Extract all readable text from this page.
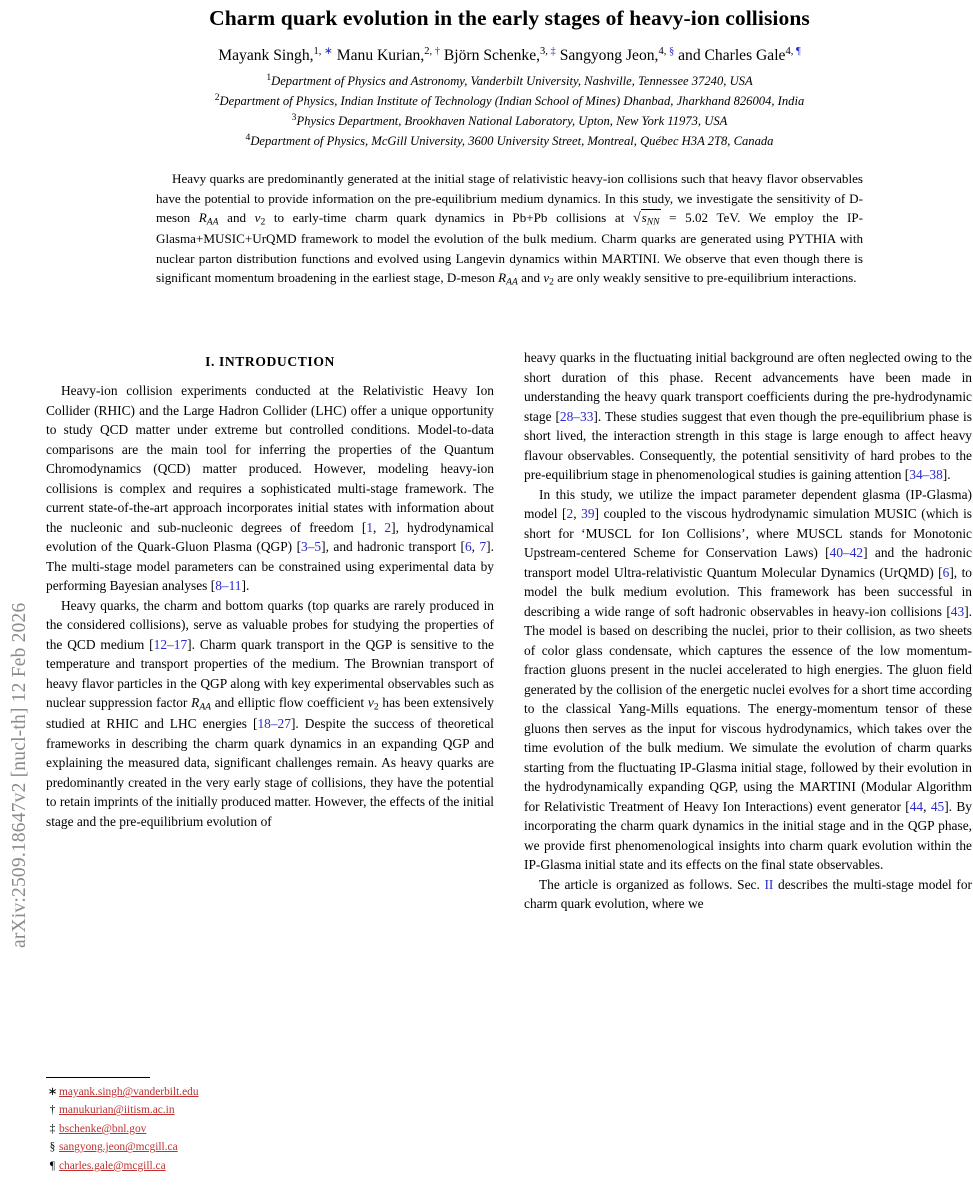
arXiv:2509.18647v2 [nucl-th] 12 Feb 2026
Charm quark evolution in the early stages of heavy-ion collisions
Mayank Singh,$^{1,}$ ∗ Manu Kurian,$^{2,}$ † Björn Schenke,$^{3,}$ ‡ Sangyong Jeon,$^{4,}$ § and Charles Gale$^{4,}$ ¶
$^1$Department of Physics and Astronomy, Vanderbilt University, Nashville, Tennessee 37240, USA
$^2$Department of Physics, Indian Institute of Technology (Indian School of Mines) Dhanbad, Jharkhand 826004, India
$^3$Physics Department, Brookhaven National Laboratory, Upton, New York 11973, USA
$^4$Department of Physics, McGill University, 3600 University Street, Montreal, Québec H3A 2T8, Canada
Heavy quarks are predominantly generated at the initial stage of relativistic heavy-ion collisions such that heavy flavor observables have the potential to provide information on the pre-equilibrium medium dynamics. In this study, we investigate the sensitivity of D-meson $R_{AA}$ and v2 to early-time charm quark dynamics in Pb+Pb collisions at $√s_{NN} = 5.02$ TeV. We employ the IP-Glasma+MUSIC+UrQMD framework to model the evolution of the bulk medium. Charm quarks are generated using PYTHIA with nuclear parton distribution functions and evolved using Langevin dynamics within MARTINI. We observe that even though there is significant momentum broadening in the earliest stage, D-meson $R_{AA}$ and v2 are only weakly sensitive to pre-equilibrium interactions.
I. INTRODUCTION

Heavy-ion collision experiments conducted at the Relativistic Heavy Ion Collider (RHIC) and the Large Hadron Collider (LHC) offer a unique opportunity to study QCD matter under extreme but controlled conditions. Model-to-data comparisons are the main tool for inferring the properties of the Quantum Chromodynamics (QCD) matter produced. However, modeling heavy-ion collisions is complex and requires a sophisticated multi-stage framework. The current state-of-the-art approach incorporates initial states with information about the nucleonic and sub-nucleonic degrees of freedom [1, 2], hydrodynamical evolution of the Quark-Gluon Plasma (QGP) [3–5], and hadronic transport [6, 7]. The multi-stage model parameters can be constrained using experimental data by performing Bayesian analyses [8–11].

Heavy quarks, the charm and bottom quarks (top quarks are rarely produced in the considered collisions), serve as valuable probes for studying the properties of the QCD medium [12–17]. Charm quark transport in the QGP is sensitive to the temperature and transport properties of the medium. The Brownian transport of heavy flavor particles in the QGP along with key experimental observables such as nuclear suppression factor $R_{AA}$ and elliptic flow coefficient v2 has been extensively studied at RHIC and LHC energies [18–27]. Despite the success of theoretical frameworks in describing the charm quark dynamics in an expanding QGP and explaining the measured data, significant challenges remain. As heavy quarks are predominantly created in the very early stage of collisions, they have the potential to retain imprints of the initially produced matter. However, the effects of the initial stage and the pre-equilibrium evolution of

heavy quarks in the fluctuating initial background are often neglected owing to the short duration of this phase. Recent advancements have been made in understanding the heavy quark transport coefficients during the pre-hydrodynamic stage [28–33]. These studies suggest that even though the pre-equilibrium phase is short lived, the interaction strength in this stage is large enough to affect heavy flavour observables. Consequently, the potential sensitivity of hard probes to the pre-equilibrium stage in phenomenological studies is gaining attention [34–38].

In this study, we utilize the impact parameter dependent glasma (IP-Glasma) model [2, 39] coupled to the viscous hydrodynamic simulation MUSIC (which is short for ‘MUSCL for Ion Collisions’, where MUSCL stands for Monotonic Upstream-centered Scheme for Conservation Laws) [40–42] and the hadronic transport model Ultra-relativistic Quantum Molecular Dynamics (UrQMD) [6], to model the bulk medium evolution. This framework has been successful in describing a wide range of soft hadronic observables in heavy-ion collisions [43]. The model is based on describing the nuclei, prior to their collision, as two sheets of color glass condensate, which captures the essence of the low momentum-fraction gluons present in the nuclei accelerated to high energies. The gluon field generated by the collision of the energetic nuclei evolves for a short time according to the classical Yang-Mills equations. The energy-momentum tensor of these gluons then serves as the input for viscous hydrodynamics, which takes over the time evolution of the bulk medium. We simulate the evolution of charm quarks starting from the fluctuating IP-Glasma initial stage, followed by their evolution in the hydrodynamically expanding QGP, using the MARTINI (Modular Algorithm for Relativistic Treatment of Heavy Ion Interactions) event generator [44, 45]. By incorporating the charm quark dynamics in the initial stage and in the QGP phase, we provide first phenomenological insights into charm quark evolution within the IP-Glasma initial state and its effects on the final state observables.

The article is organized as follows. Sec. II describes the multi-stage model for charm quark evolution, where we

∗ mayank.singh@vanderbilt.edu
† manukurian@iitism.ac.in
‡ bschenke@bnl.gov
§ sangyong.jeon@mcgill.ca
¶ charles.gale@mcgill.ca
